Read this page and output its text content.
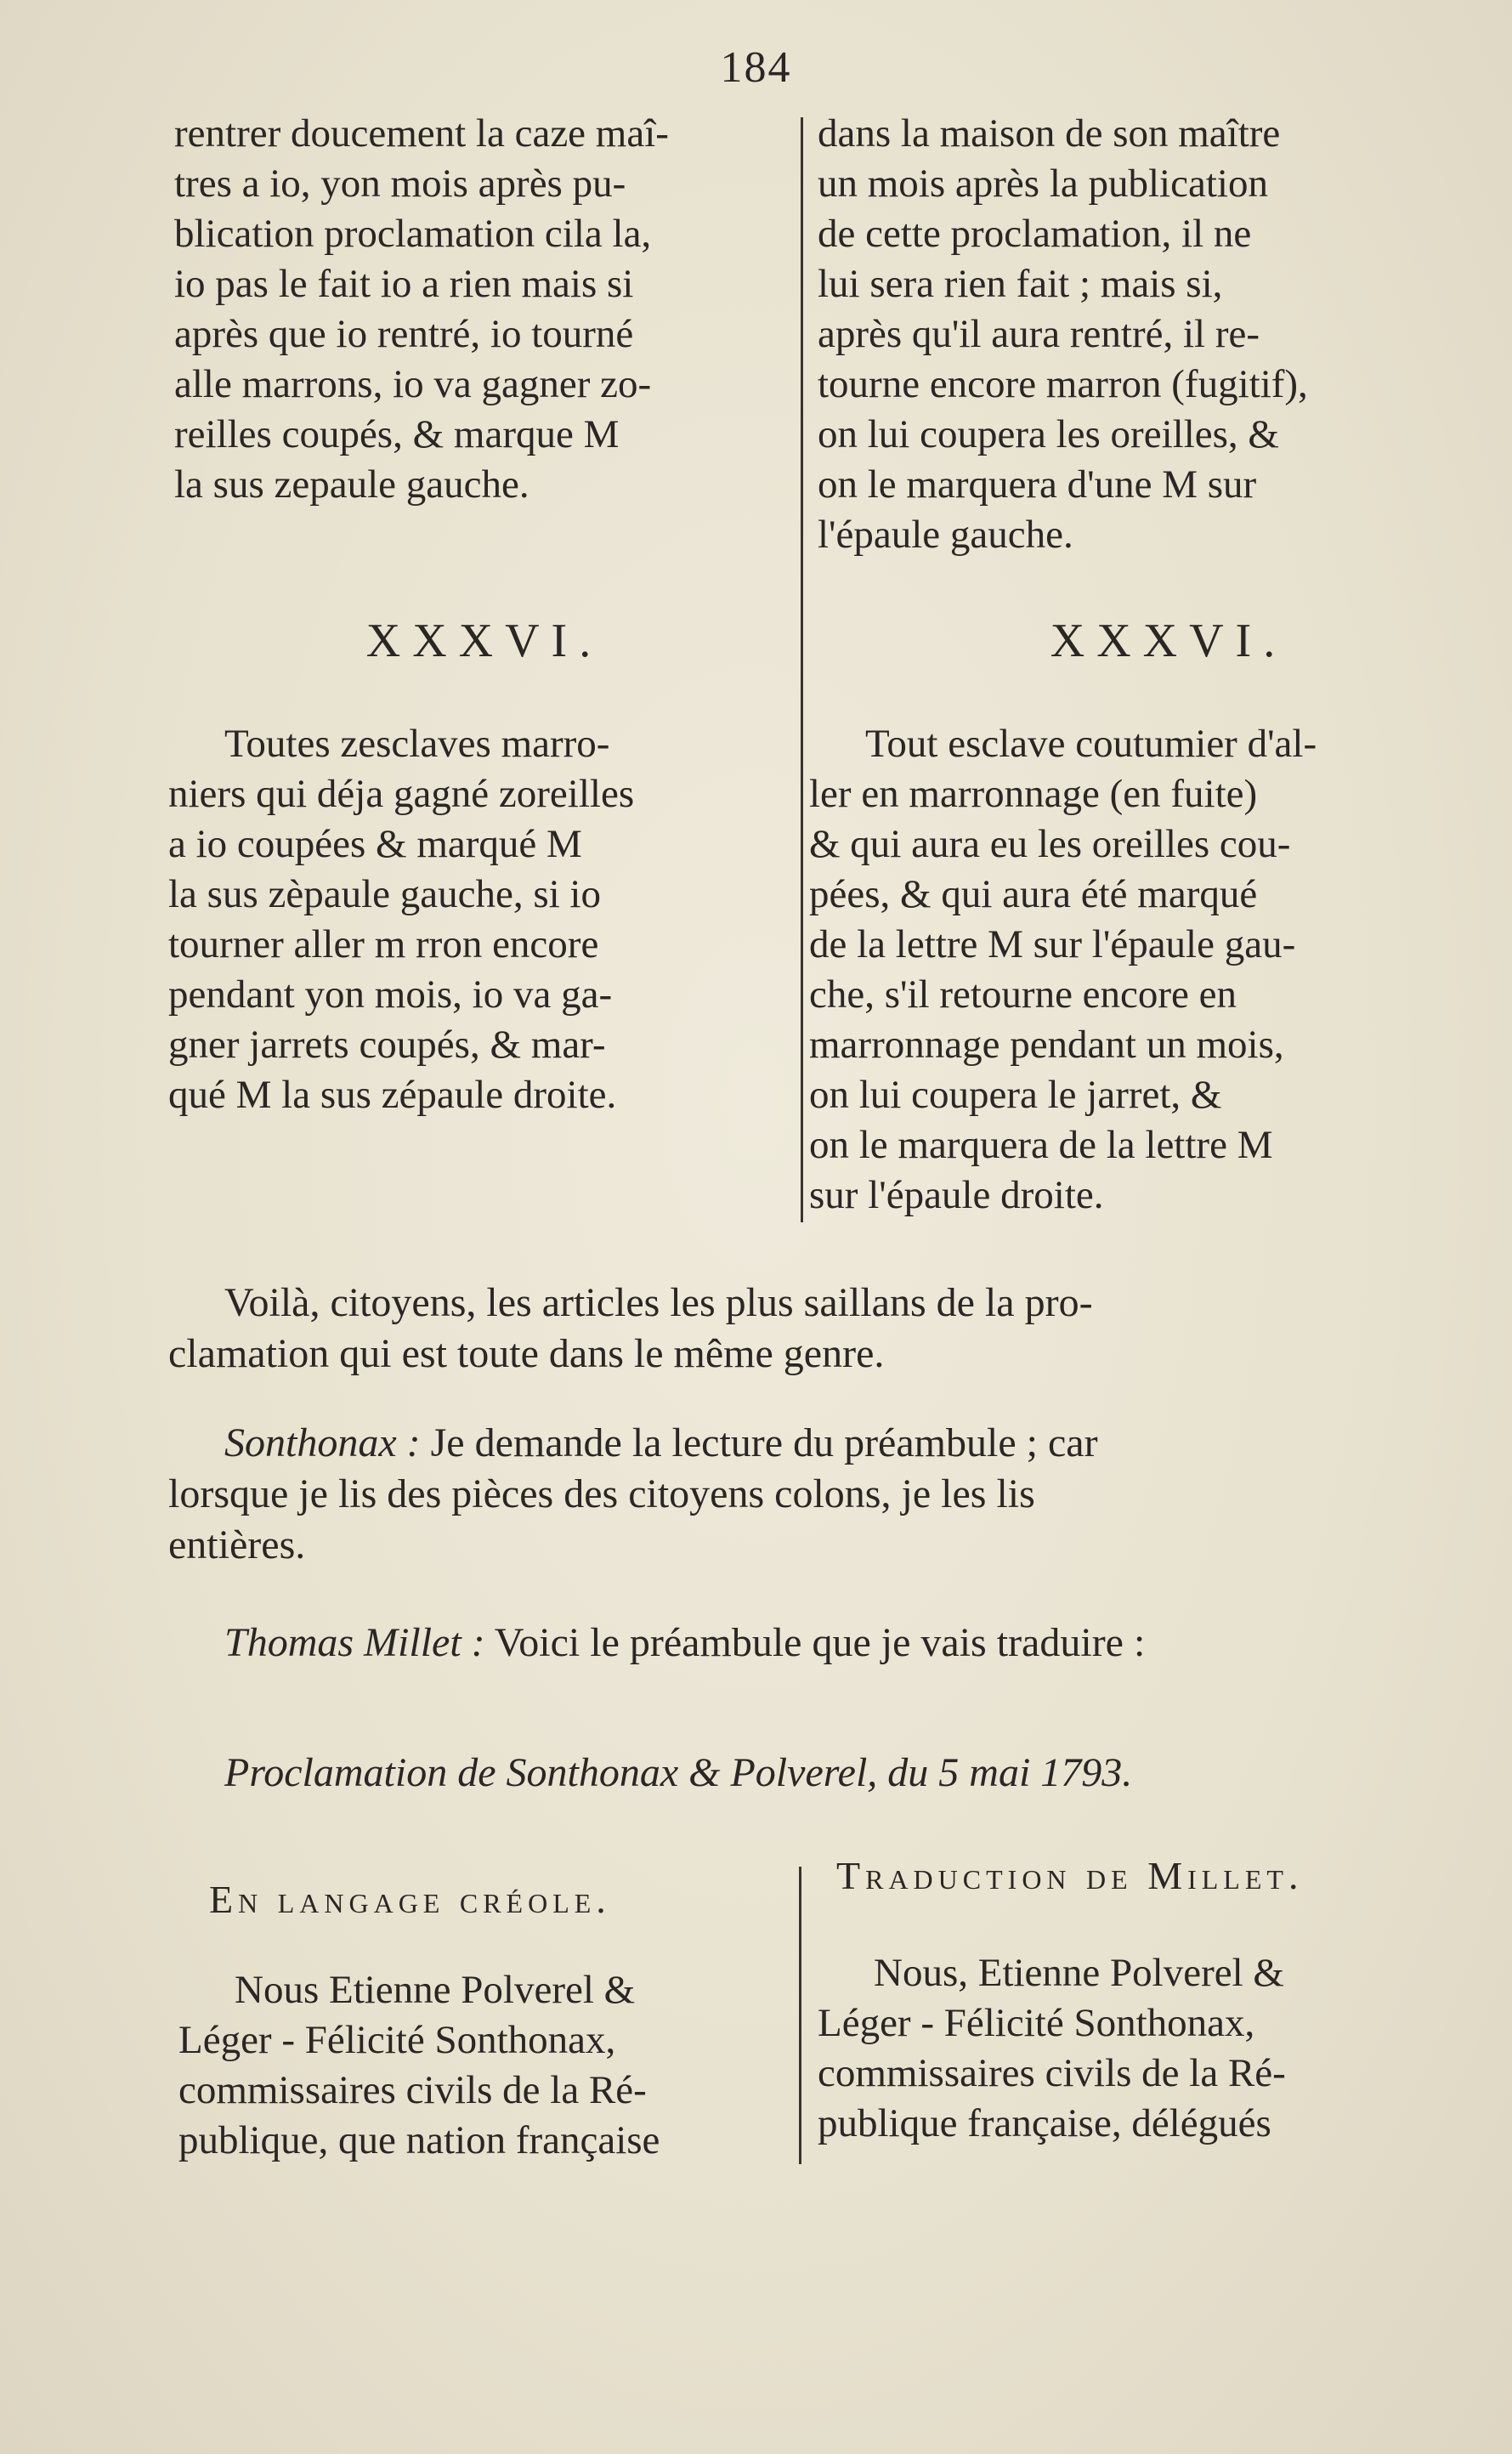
184

rentrer doucement la caze maî-

tres a io, yon mois après pu-

blication proclamation cila la,

io pas le fait io a rien mais si

après que io rentré, io tourné

alle marrons, io va gagner zo-

reilles coupés, & marque M

la sus zepaule gauche.

dans la maison de son maître

un mois après la publication

de cette proclamation, il ne

lui sera rien fait ; mais si,

après qu'il aura rentré, il re-

tourne encore marron (fugitif),

on lui coupera les oreilles, &

on le marquera d'une M sur

l'épaule gauche.

XXXVI.	XXXVI.

Toutes zesclaves marro-

niers qui déja gagné zoreilles

a io coupées & marqué M

la sus zèpaule gauche, si io

tourner aller m rron encore

pendant yon mois, io va ga-

gner jarrets coupés, & mar-

qué M la sus zépaule droite.

Tout esclave coutumier d'al-

ler en marronnage (en fuite)

& qui aura eu les oreilles cou-

pées, & qui aura été marqué

de la lettre M sur l'épaule gau-

che, s'il retourne encore en

marronnage pendant un mois,

on lui coupera le jarret, &

on le marquera de la lettre M

sur l'épaule droite.

Voilà, citoyens, les articles les plus saillans de la pro-

clamation qui est toute dans le même genre.

Sonthonax : Je demande la lecture du préambule ; car

lorsque je lis des pièces des citoyens colons, je les lis

entières.

Thomas Millet : Voici le préambule que je vais traduire :

Proclamation de Sonthonax & Polverel, du 5 mai 1793.

En langage créole.
Traduction de Millet.

Nous Etienne Polverel &

Léger - Félicité Sonthonax,

commissaires civils de la Ré-

publique, que nation française

Nous, Etienne Polverel &

Léger - Félicité Sonthonax,

commissaires civils de la Ré-

publique française, délégués
